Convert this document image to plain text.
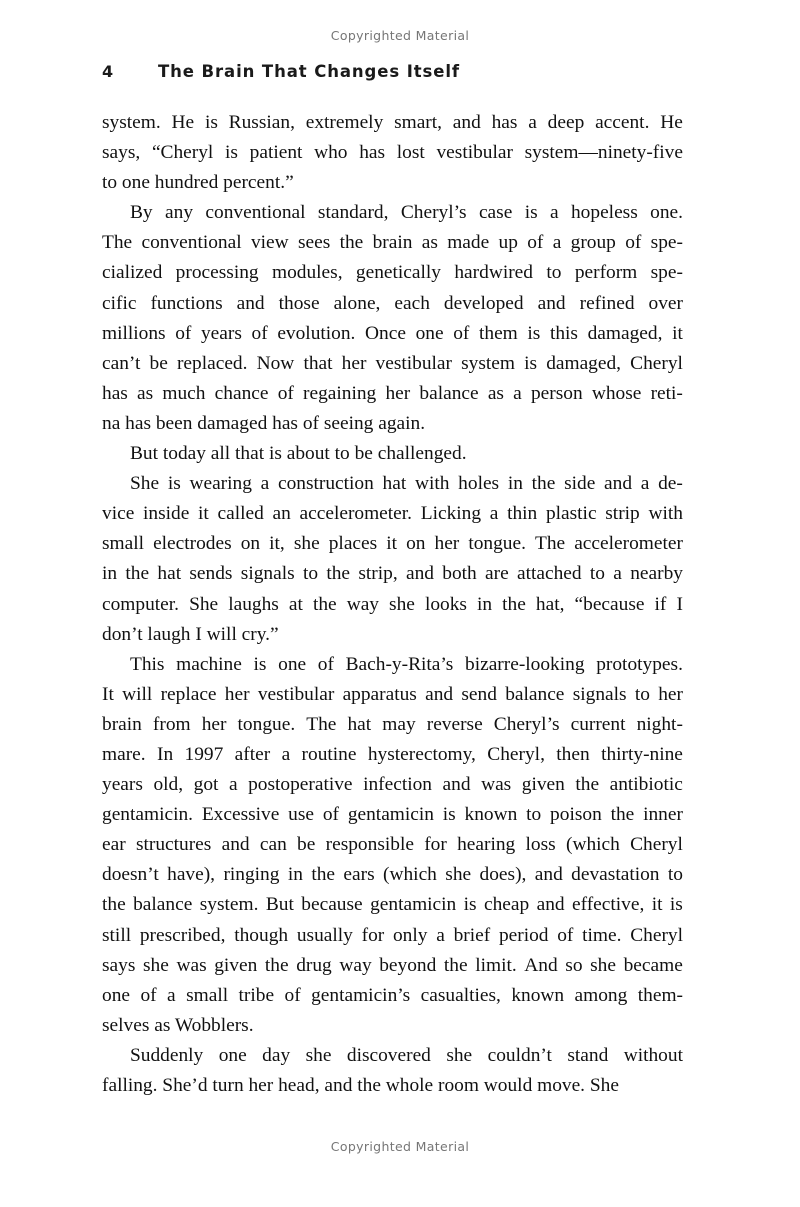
Copyrighted Material
4	The Brain That Changes Itself

system. He is Russian, extremely smart, and has a deep accent. He
says, “Cheryl is patient who has lost vestibular system—ninety-five
to one hundred percent.”

By any conventional standard, Cheryl’s case is a hopeless one.
The conventional view sees the brain as made up of a group of spe-
cialized processing modules, genetically hardwired to perform spe-
cific functions and those alone, each developed and refined over
millions of years of evolution. Once one of them is this damaged, it
can’t be replaced. Now that her vestibular system is damaged, Cheryl
has as much chance of regaining her balance as a person whose reti-
na has been damaged has of seeing again.

But today all that is about to be challenged.

She is wearing a construction hat with holes in the side and a de-
vice inside it called an accelerometer. Licking a thin plastic strip with
small electrodes on it, she places it on her tongue. The accelerometer
in the hat sends signals to the strip, and both are attached to a nearby
computer. She laughs at the way she looks in the hat, “because if I
don’t laugh I will cry.”

This machine is one of Bach-y-Rita’s bizarre-looking prototypes.
It will replace her vestibular apparatus and send balance signals to her
brain from her tongue. The hat may reverse Cheryl’s current night-
mare. In 1997 after a routine hysterectomy, Cheryl, then thirty-nine
years old, got a postoperative infection and was given the antibiotic
gentamicin. Excessive use of gentamicin is known to poison the inner
ear structures and can be responsible for hearing loss (which Cheryl
doesn’t have), ringing in the ears (which she does), and devastation to
the balance system. But because gentamicin is cheap and effective, it is
still prescribed, though usually for only a brief period of time. Cheryl
says she was given the drug way beyond the limit. And so she became
one of a small tribe of gentamicin’s casualties, known among them-
selves as Wobblers.

Suddenly one day she discovered she couldn’t stand without
falling. She’d turn her head, and the whole room would move. She

Copyrighted Material
